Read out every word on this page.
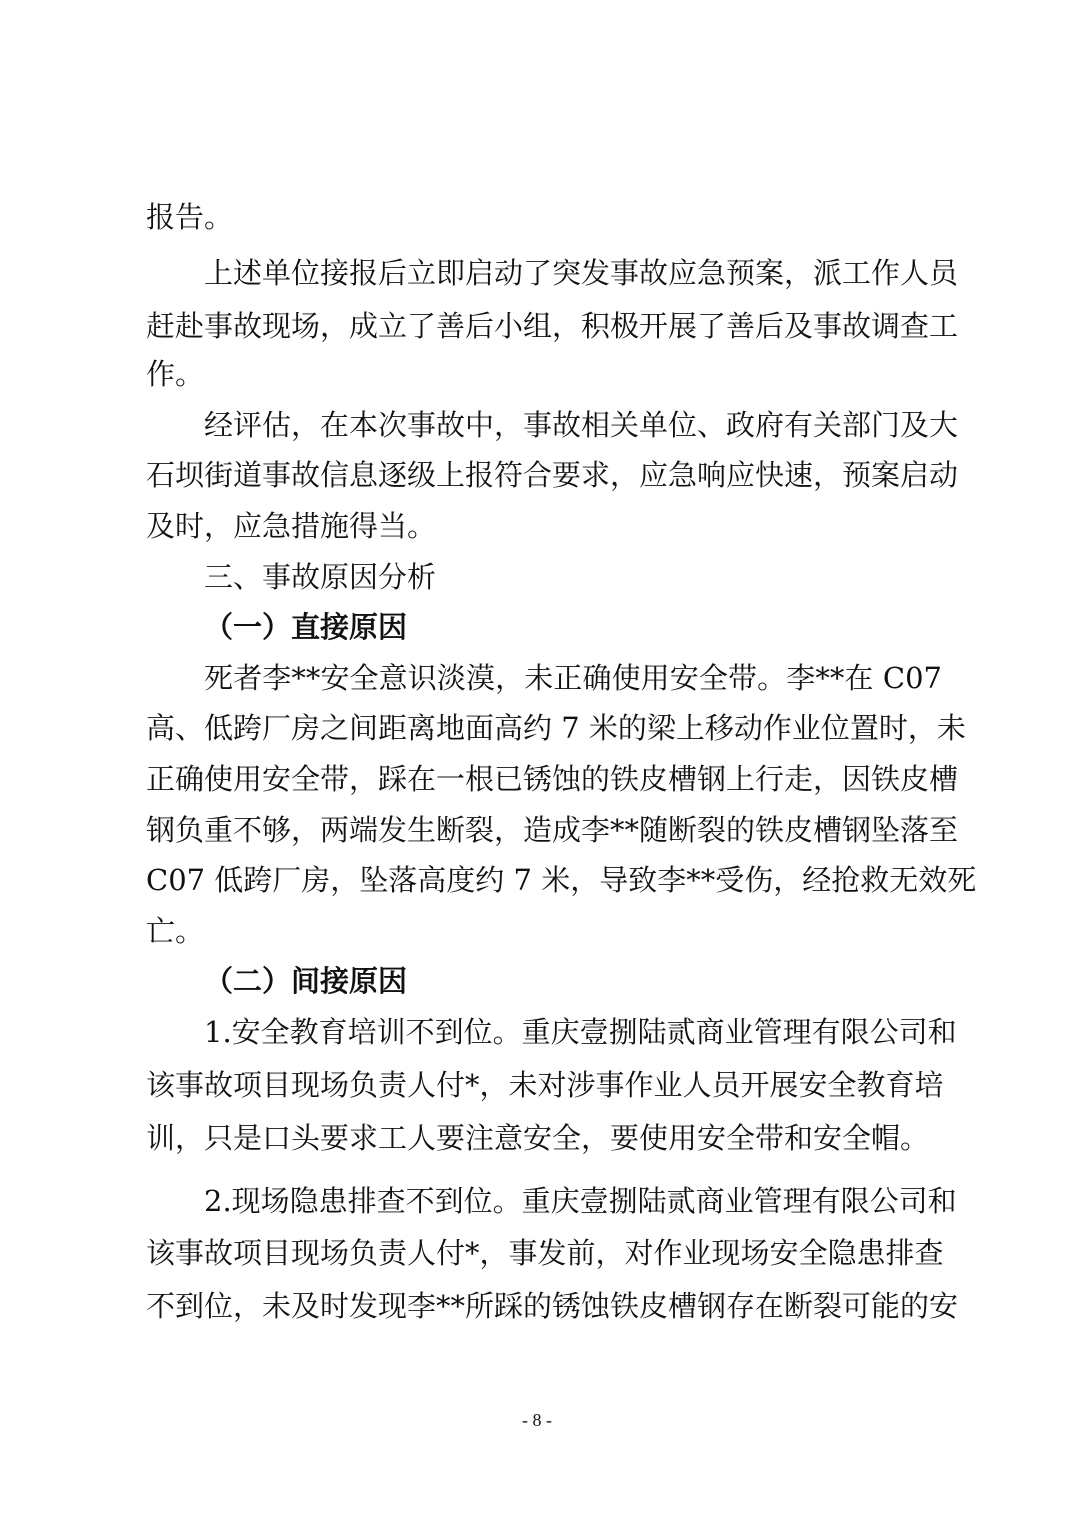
报告。
上述单位接报后立即启动了突发事故应急预案，派工作人员
赶赴事故现场，成立了善后小组，积极开展了善后及事故调查工
作。
经评估，在本次事故中，事故相关单位、政府有关部门及大
石坝街道事故信息逐级上报符合要求，应急响应快速，预案启动
及时，应急措施得当。
三、事故原因分析
（一）直接原因
死者李**安全意识淡漠，未正确使用安全带。李**在 C07
高、低跨厂房之间距离地面高约 7 米的梁上移动作业位置时，未
正确使用安全带，踩在一根已锈蚀的铁皮槽钢上行走，因铁皮槽
钢负重不够，两端发生断裂，造成李**随断裂的铁皮槽钢坠落至
C07 低跨厂房，坠落高度约 7 米，导致李**受伤，经抢救无效死
亡。
（二）间接原因
1.安全教育培训不到位。重庆壹捌陆贰商业管理有限公司和
该事故项目现场负责人付*，未对涉事作业人员开展安全教育培
训，只是口头要求工人要注意安全，要使用安全带和安全帽。
2.现场隐患排查不到位。重庆壹捌陆贰商业管理有限公司和
该事故项目现场负责人付*，事发前，对作业现场安全隐患排查
不到位，未及时发现李**所踩的锈蚀铁皮槽钢存在断裂可能的安
- 8 -
